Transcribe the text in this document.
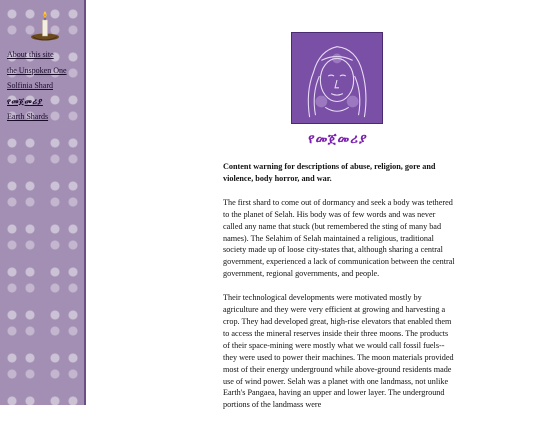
About this site
the Unspoken One
Solfinia Shard
የመጀመሪያ
Earth Shards
የመጀመሪያ

Content warning for descriptions of abuse, religion, gore and violence, body horror, and war.

The first shard to come out of dormancy and seek a body was tethered to the planet of Selah. His body was of few words and was never called any name that stuck (but remembered the sting of many bad names). The Selahim of Selah maintained a religious, traditional society made up of loose city-states that, although sharing a central government, experienced a lack of communication between the central government, regional governments, and people.

Their technological developments were motivated mostly by agriculture and they were very efficient at growing and harvesting a crop. They had developed great, high-rise elevators that enabled them to access the mineral reserves inside their three moons. The products of their space-mining were mostly what we would call fossil fuels-- they were used to power their machines. The moon materials provided most of their energy underground while above-ground residents made use of wind power. Selah was a planet with one landmass, not unlike Earth's Pangaea, having an upper and lower layer. The underground portions of the landmass were
